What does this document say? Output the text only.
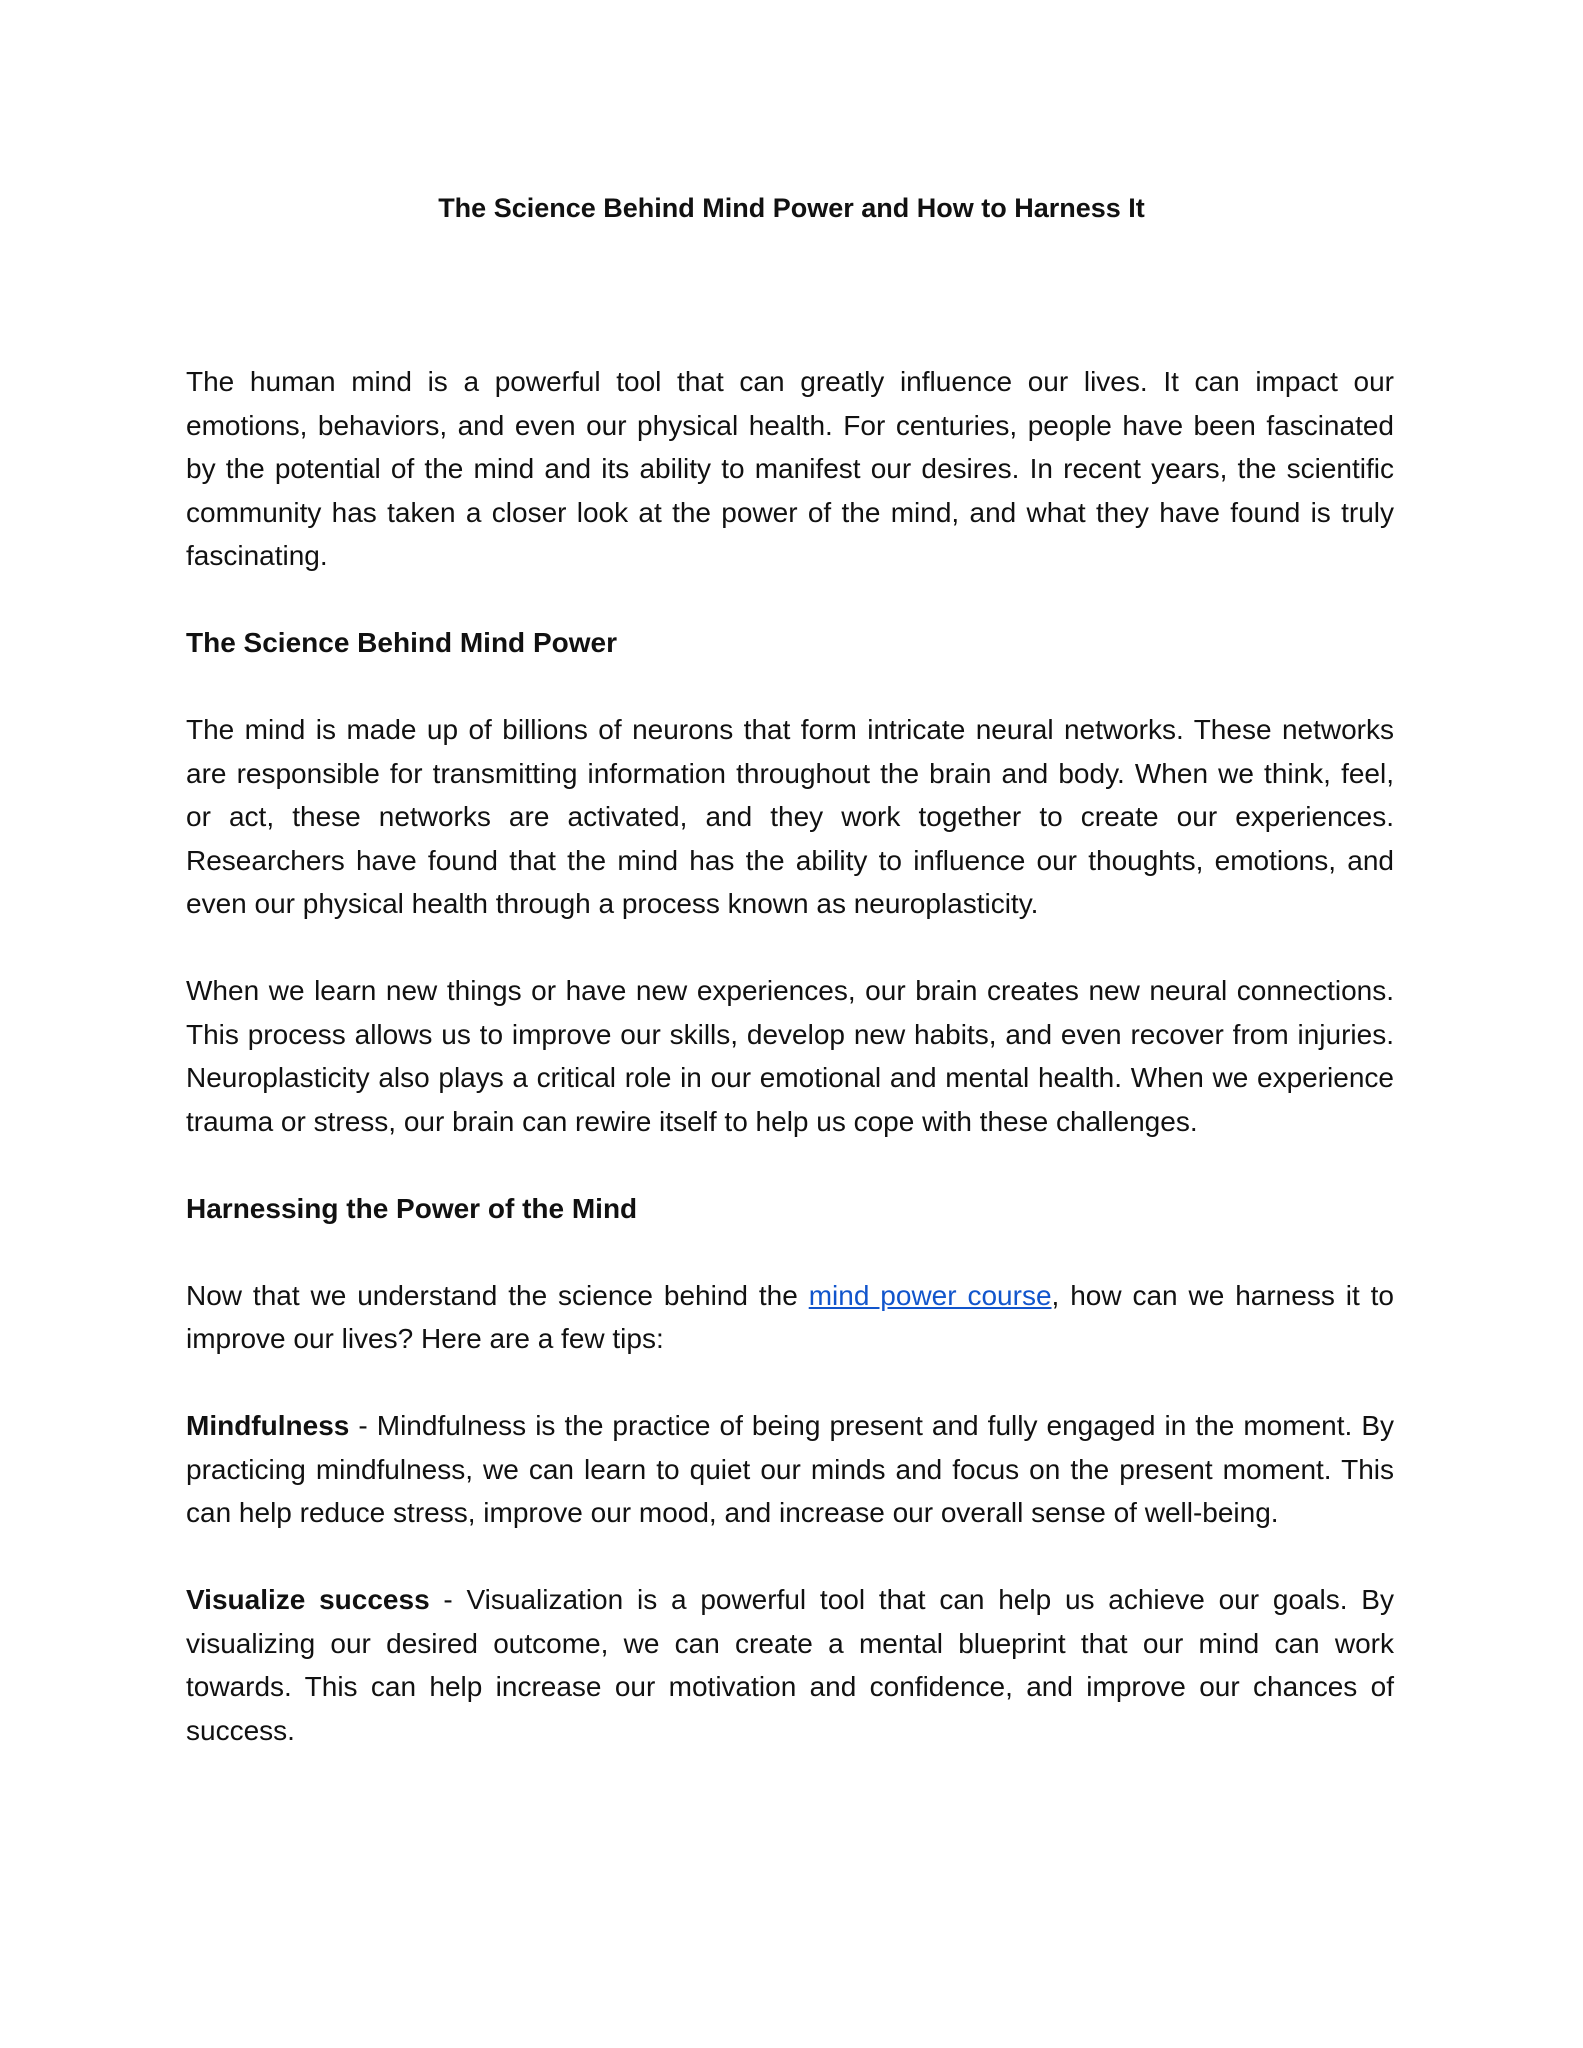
The Science Behind Mind Power and How to Harness It

The human mind is a powerful tool that can greatly influence our lives. It can impact our emotions, behaviors, and even our physical health. For centuries, people have been fascinated by the potential of the mind and its ability to manifest our desires. In recent years, the scientific community has taken a closer look at the power of the mind, and what they have found is truly fascinating.

The Science Behind Mind Power

The mind is made up of billions of neurons that form intricate neural networks. These networks are responsible for transmitting information throughout the brain and body. When we think, feel, or act, these networks are activated, and they work together to create our experiences. Researchers have found that the mind has the ability to influence our thoughts, emotions, and even our physical health through a process known as neuroplasticity.

When we learn new things or have new experiences, our brain creates new neural connections. This process allows us to improve our skills, develop new habits, and even recover from injuries. Neuroplasticity also plays a critical role in our emotional and mental health. When we experience trauma or stress, our brain can rewire itself to help us cope with these challenges.

Harnessing the Power of the Mind

Now that we understand the science behind the mind power course, how can we harness it to improve our lives? Here are a few tips:

Mindfulness - Mindfulness is the practice of being present and fully engaged in the moment. By practicing mindfulness, we can learn to quiet our minds and focus on the present moment. This can help reduce stress, improve our mood, and increase our overall sense of well-being.

Visualize success - Visualization is a powerful tool that can help us achieve our goals. By visualizing our desired outcome, we can create a mental blueprint that our mind can work towards. This can help increase our motivation and confidence, and improve our chances of success.
